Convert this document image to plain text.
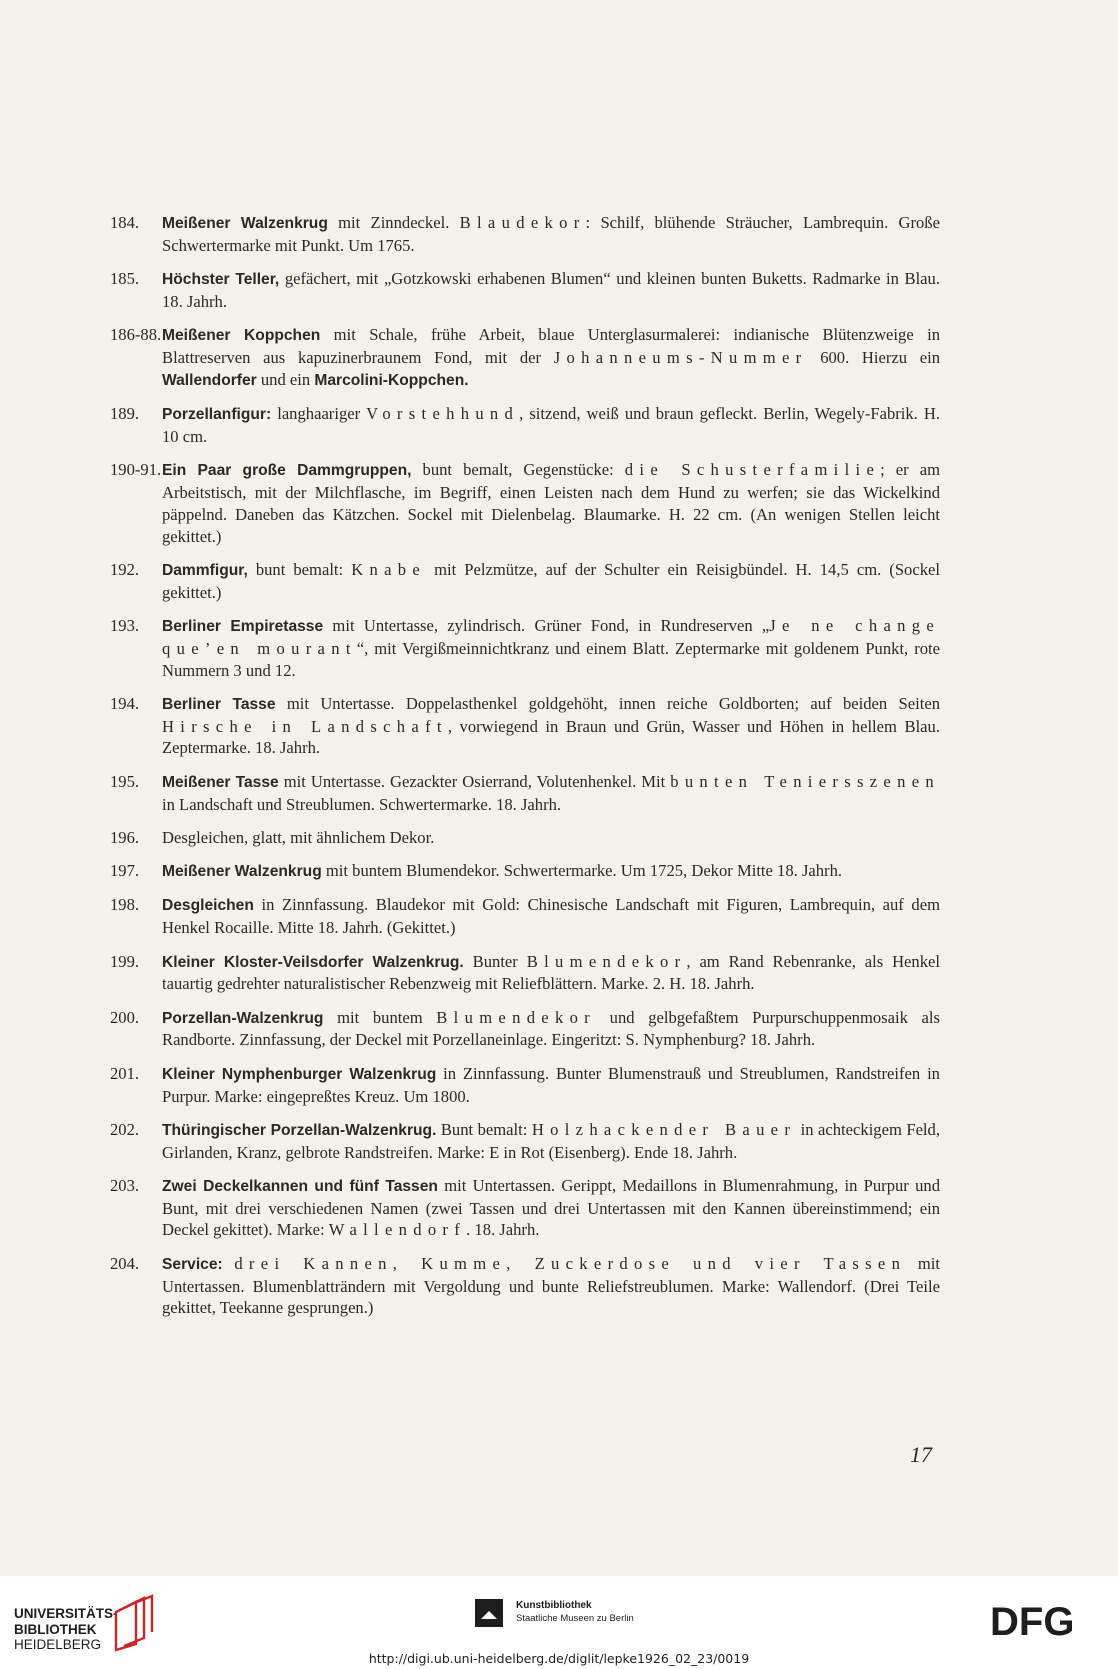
184.	Meißener Walzenkrug mit Zinndeckel. Blaudekor: Schilf, blühende Sträucher, Lambrequin. Große Schwertermarke mit Punkt. Um 1765.
185.	Höchster Teller, gefächert, mit „Gotzkowski erhabenen Blumen“ und kleinen bunten Buketts. Radmarke in Blau. 18. Jahrh.
186-88. Meißener Koppchen mit Schale, frühe Arbeit, blaue Unterglasurmalerei: indianische Blütenzweige in Blattreserven aus kapuzinerbraunem Fond, mit der Johanneums-Nummer 600. Hierzu ein Wallendorfer und ein Marcolini-Koppchen.
189.	Porzellanfigur: langhaariger Vorstehhund, sitzend, weiß und braun gefleckt. Berlin, Wegely-Fabrik. H. 10 cm.
190-91. Ein Paar große Dammgruppen, bunt bemalt, Gegenstücke: die Schusterfamilie; er am Arbeitstisch, mit der Milchflasche, im Begriff, einen Leisten nach dem Hund zu werfen; sie das Wickelkind päppelnd. Daneben das Kätzchen. Sockel mit Dielenbelag. Blaumarke. H. 22 cm. (An wenigen Stellen leicht gekittet.)
192.	Dammfigur, bunt bemalt: Knabe mit Pelzmütze, auf der Schulter ein Reisigbündel. H. 14,5 cm. (Sockel gekittet.)
193.	Berliner Empiretasse mit Untertasse, zylindrisch. Grüner Fond, in Rundreserven „Je ne change que’en mourant“, mit Vergißmeinnichtkranz und einem Blatt. Zeptermarke mit goldenem Punkt, rote Nummern 3 und 12.
194.	Berliner Tasse mit Untertasse. Doppelasthenkel goldgehöht, innen reiche Goldborten; auf beiden Seiten Hirsche in Landschaft, vorwiegend in Braun und Grün, Wasser und Höhen in hellem Blau. Zeptermarke. 18. Jahrh.
195.	Meißener Tasse mit Untertasse. Gezackter Osierrand, Volutenhenkel. Mit bunten Teniersszenen in Landschaft und Streublumen. Schwertermarke. 18. Jahrh.
196.	Desgleichen, glatt, mit ähnlichem Dekor.
197.	Meißener Walzenkrug mit buntem Blumendekor. Schwertermarke. Um 1725, Dekor Mitte 18. Jahrh.
198.	Desgleichen in Zinnfassung. Blaudekor mit Gold: Chinesische Landschaft mit Figuren, Lambrequin, auf dem Henkel Rocaille. Mitte 18. Jahrh. (Gekittet.)
199.	Kleiner Kloster-Veilsdorfer Walzenkrug. Bunter Blumendekor, am Rand Rebenranke, als Henkel tauartig gedrehter naturalistischer Rebenzweig mit Reliefblättern. Marke. 2. H. 18. Jahrh.
200.	Porzellan-Walzenkrug mit buntem Blumendekor und gelbgefaßtem Purpurschuppenmosaik als Randborte. Zinnfassung, der Deckel mit Porzellaneinlage. Eingeritzt: S. Nymphenburg? 18. Jahrh.
201.	Kleiner Nymphenburger Walzenkrug in Zinnfassung. Bunter Blumenstrauß und Streublumen, Randstreifen in Purpur. Marke: eingepreßtes Kreuz. Um 1800.
202.	Thüringischer Porzellan-Walzenkrug. Bunt bemalt: Holzhackender Bauer in achteckigem Feld, Girlanden, Kranz, gelbrote Randstreifen. Marke: E in Rot (Eisenberg). Ende 18. Jahrh.
203.	Zwei Deckelkannen und fünf Tassen mit Untertassen. Gerippt, Medaillons in Blumenrahmung, in Purpur und Bunt, mit drei verschiedenen Namen (zwei Tassen und drei Untertassen mit den Kannen übereinstimmend; ein Deckel gekittet). Marke: Wallendorf. 18. Jahrh.
204.	Service: drei Kannen, Kumme, Zuckerdose und vier Tassen mit Untertassen. Blumenblatträndern mit Vergoldung und bunte Reliefstreublumen. Marke: Wallendorf. (Drei Teile gekittet, Teekanne gesprungen.)
17
UNIVERSITÄTS-
BIBLIOTHEK
HEIDELBERG
Kunstbibliothek
Staatliche Museen zu Berlin	DFG
http://digi.ub.uni-heidelberg.de/diglit/lepke1926_02_23/0019
